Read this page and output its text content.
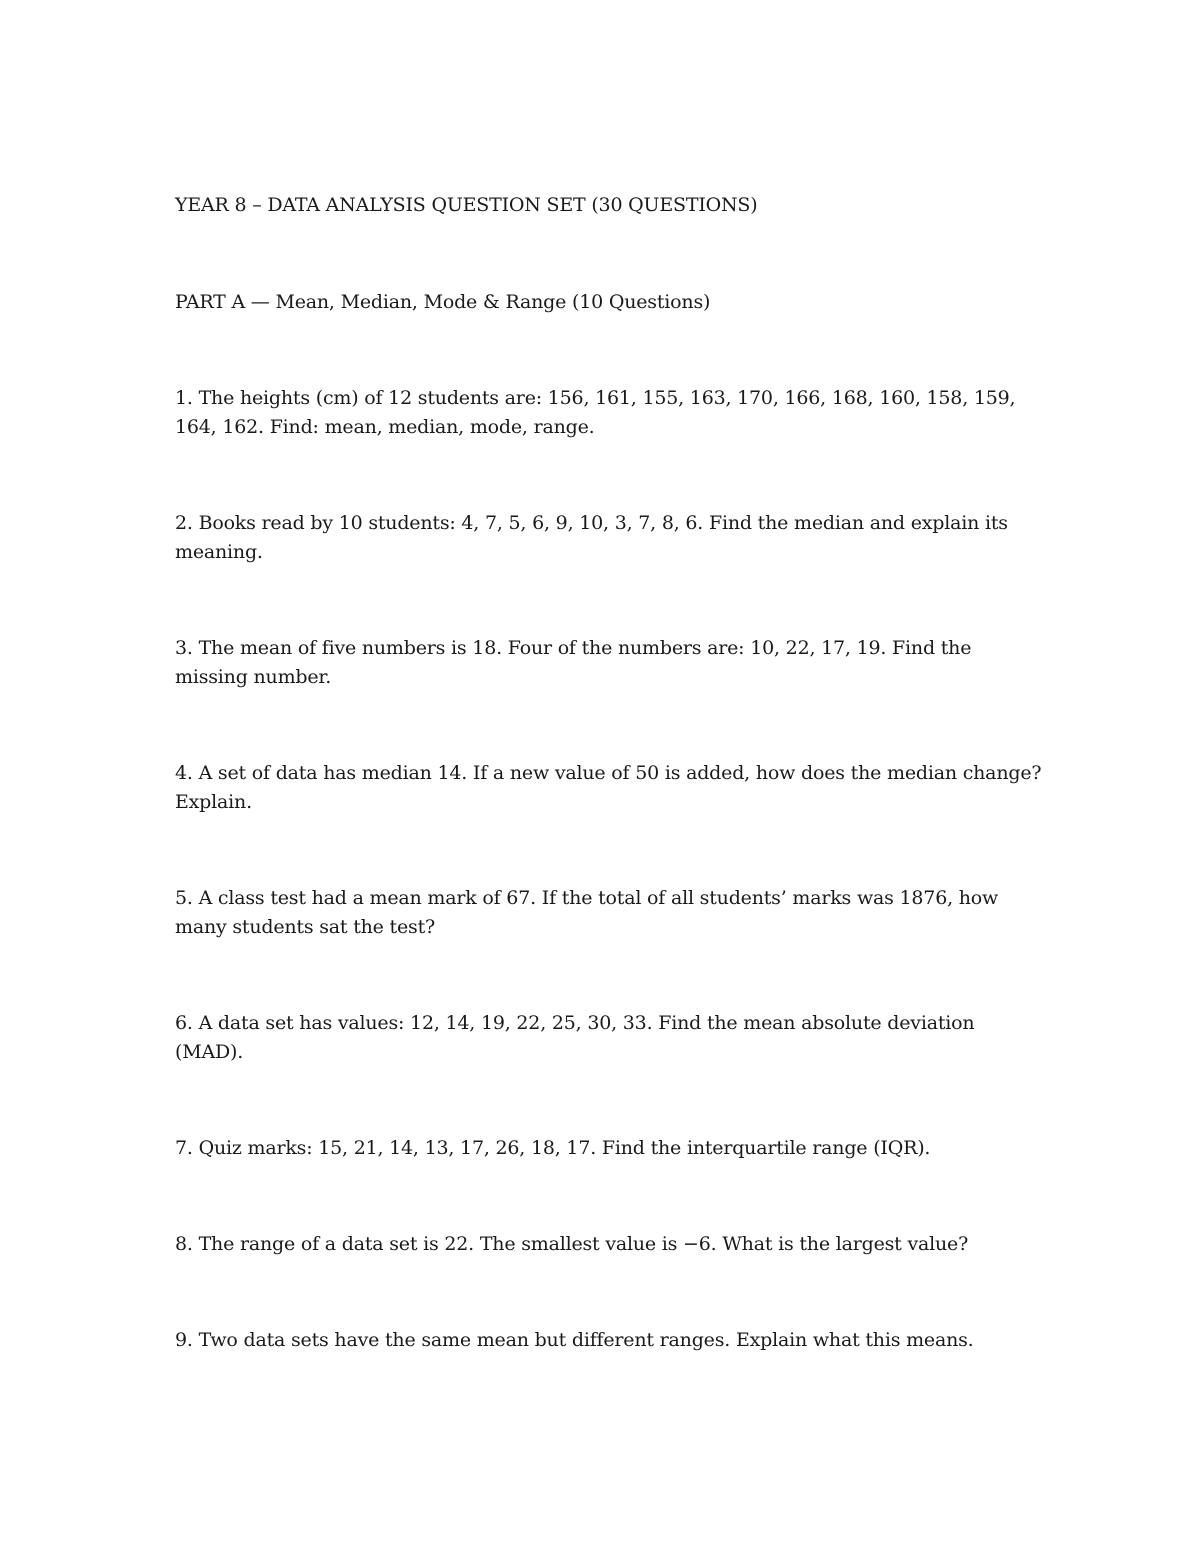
YEAR 8 – DATA ANALYSIS QUESTION SET (30 QUESTIONS)
PART A — Mean, Median, Mode & Range (10 Questions)
1. The heights (cm) of 12 students are: 156, 161, 155, 163, 170, 166, 168, 160, 158, 159, 164, 162. Find: mean, median, mode, range.
2. Books read by 10 students: 4, 7, 5, 6, 9, 10, 3, 7, 8, 6. Find the median and explain its meaning.
3. The mean of five numbers is 18. Four of the numbers are: 10, 22, 17, 19. Find the missing number.
4. A set of data has median 14. If a new value of 50 is added, how does the median change? Explain.
5. A class test had a mean mark of 67. If the total of all students’ marks was 1876, how many students sat the test?
6. A data set has values: 12, 14, 19, 22, 25, 30, 33. Find the mean absolute deviation (MAD).
7. Quiz marks: 15, 21, 14, 13, 17, 26, 18, 17. Find the interquartile range (IQR).
8. The range of a data set is 22. The smallest value is −6. What is the largest value?
9. Two data sets have the same mean but different ranges. Explain what this means.
